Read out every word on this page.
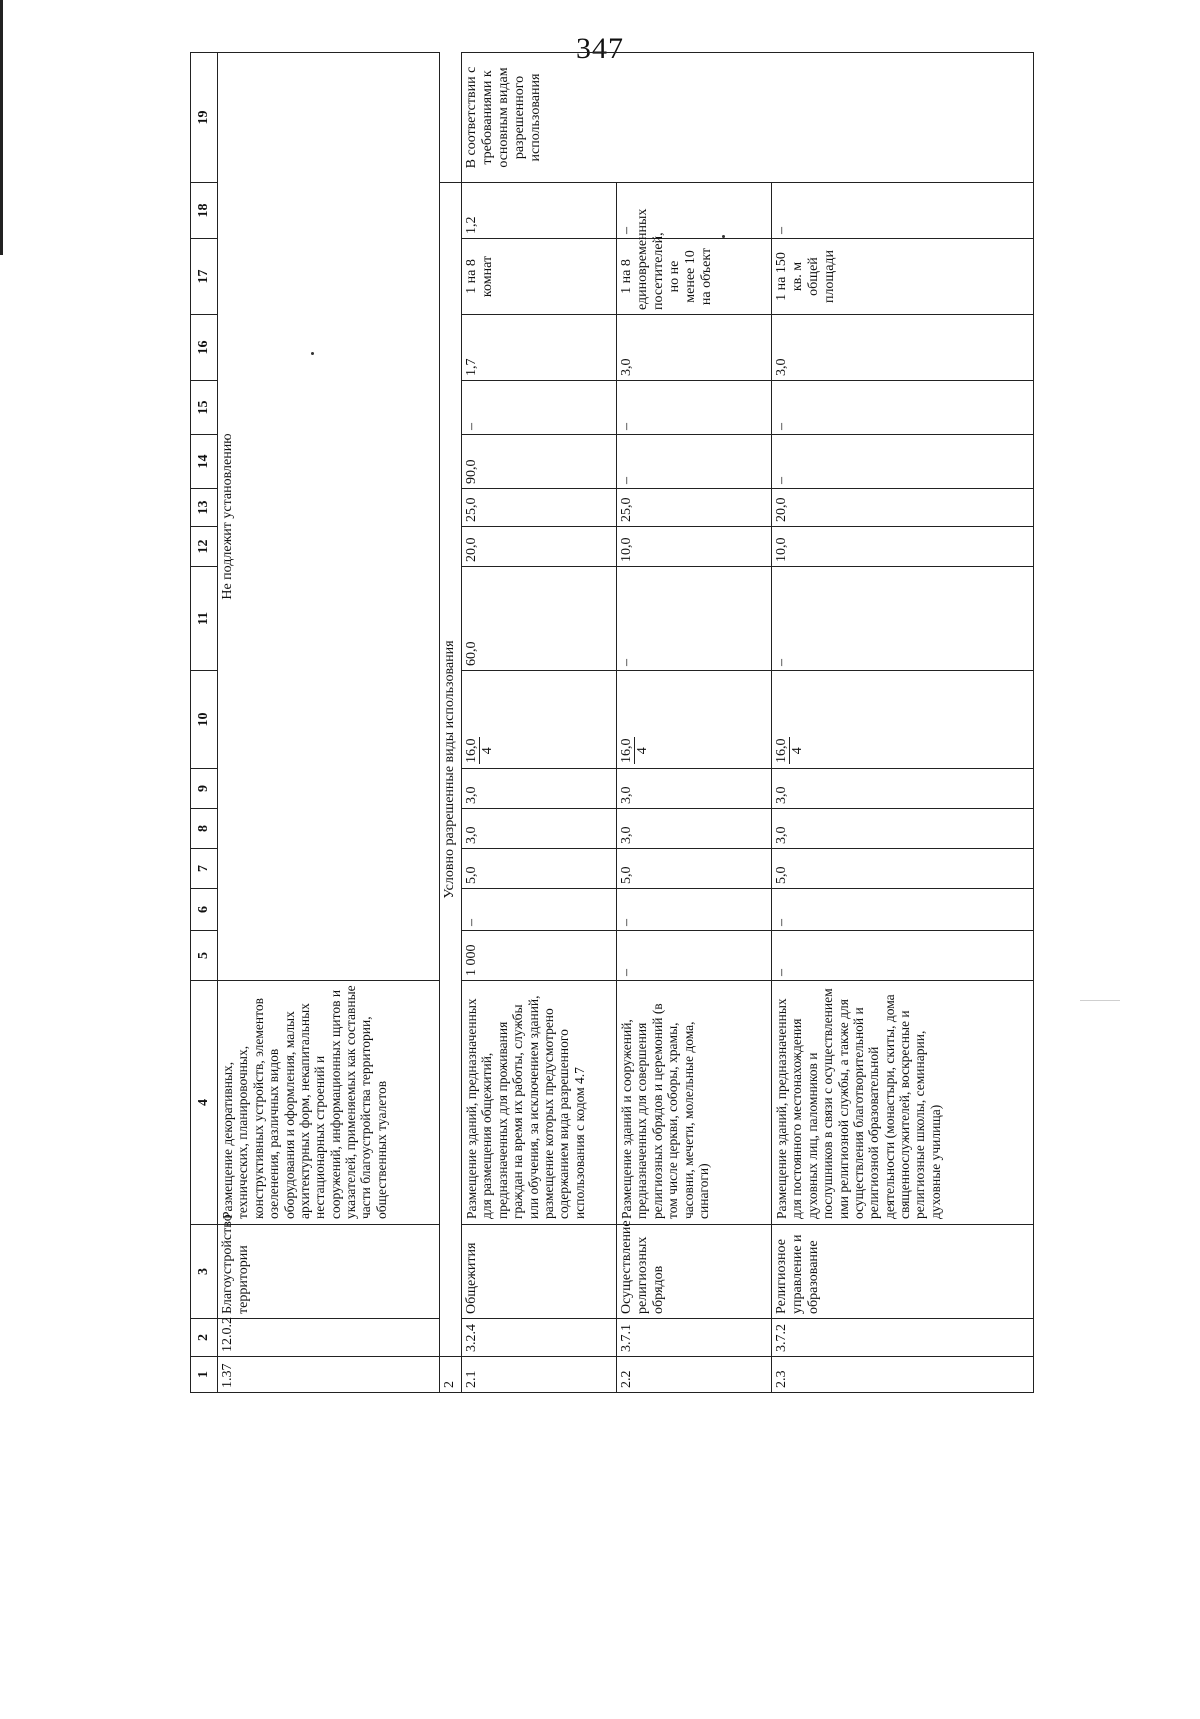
347
1	2	3	4	5	6	7	8	9	10	11	12	13	14	15	16	17	18	19
1.37	12.0.2	Благоустройство территории	Размещение декоративных, технических, планировочных, конструктивных устройств, элементов озеленения, различных видов оборудования и оформления, малых архитектурных форм, некапитальных нестационарных строений и сооружений, информационных щитов и указателей, применяемых как составные части благоустройства территории, общественных туалетов	Не подлежит установлению														
2	Условно разрешенные виды использования																	
2.1	3.2.4	Общежития	Размещение зданий, предназначенных для размещения общежитий, предназначенных для проживания граждан на время их работы, службы или обучения, за исключением зданий, размещение которых предусмотрено содержанием вида разрешенного использования с кодом 4.7	1 000	–	5,0	3,0	3,0	16,0 4	60,0	20,0	25,0	90,0	–	1,7	1 на 8 комнат	1,2	В соответствии с требованиями к основным видам разрешенного использования
2.2	3.7.1	Осуществление религиозных обрядов	Размещение зданий и сооружений, предназначенных для совершения религиозных обрядов и церемоний (в том числе церкви, соборы, храмы, часовни, мечети, молельные дома, синагоги)	–	–	5,0	3,0	3,0	16,0 4	–	10,0	25,0	–	–	3,0	1 на 8 единовременных посетителей, но не менее 10 на объект	–	
2.3	3.7.2	Религиозное управление и образование	Размещение зданий, предназначенных для постоянного местонахождения духовных лиц, паломников и послушников в связи с осуществлением ими религиозной службы, а также для осуществления благотворительной и религиозной образовательной деятельности (монастыри, скиты, дома священнослужителей, воскресные и религиозные школы, семинарии, духовные училища)	–	–	5,0	3,0	3,0	16,0 4	–	10,0	20,0	–	–	3,0	1 на 150 кв. м общей площади	–	
